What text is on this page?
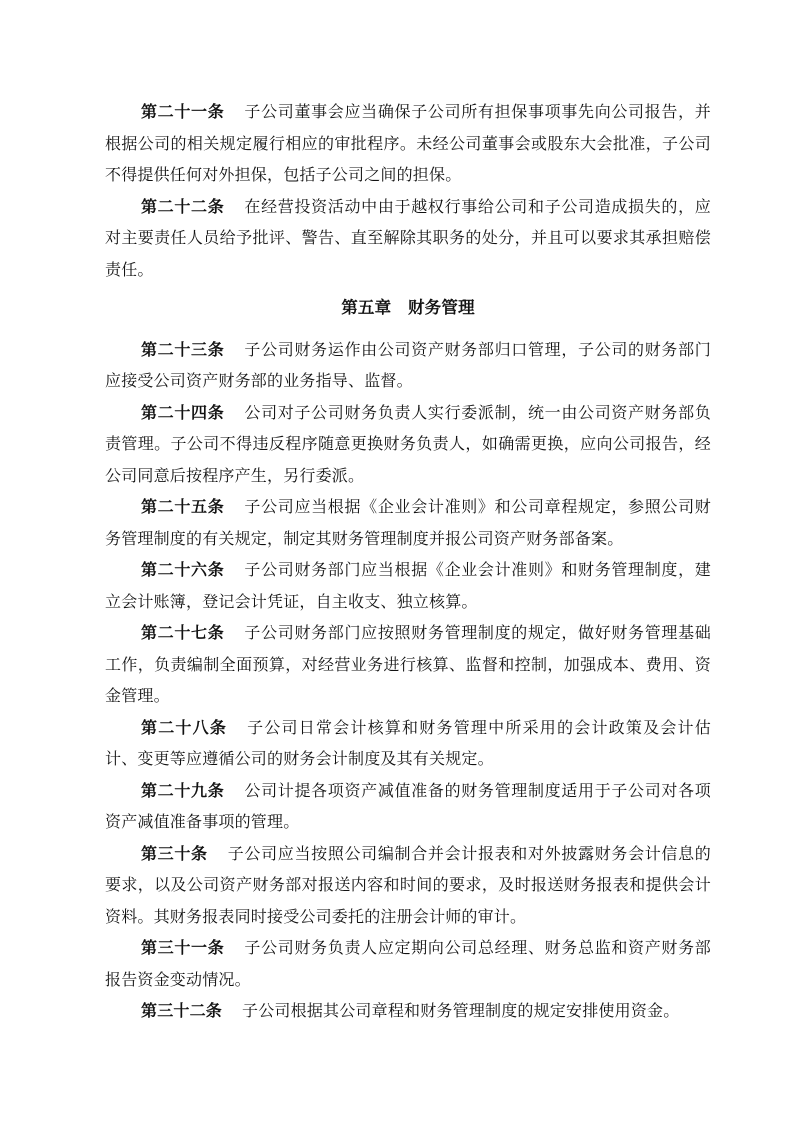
第二十一条 子公司董事会应当确保子公司所有担保事项事先向公司报告，并根据公司的相关规定履行相应的审批程序。未经公司董事会或股东大会批准，子公司不得提供任何对外担保，包括子公司之间的担保。

第二十二条 在经营投资活动中由于越权行事给公司和子公司造成损失的，应对主要责任人员给予批评、警告、直至解除其职务的处分，并且可以要求其承担赔偿责任。

第五章　财务管理

第二十三条 子公司财务运作由公司资产财务部归口管理，子公司的财务部门应接受公司资产财务部的业务指导、监督。

第二十四条 公司对子公司财务负责人实行委派制，统一由公司资产财务部负责管理。子公司不得违反程序随意更换财务负责人，如确需更换，应向公司报告，经公司同意后按程序产生，另行委派。

第二十五条 子公司应当根据《企业会计准则》和公司章程规定，参照公司财务管理制度的有关规定，制定其财务管理制度并报公司资产财务部备案。

第二十六条 子公司财务部门应当根据《企业会计准则》和财务管理制度，建立会计账簿，登记会计凭证，自主收支、独立核算。

第二十七条 子公司财务部门应按照财务管理制度的规定，做好财务管理基础工作，负责编制全面预算，对经营业务进行核算、监督和控制，加强成本、费用、资金管理。

第二十八条 子公司日常会计核算和财务管理中所采用的会计政策及会计估计、变更等应遵循公司的财务会计制度及其有关规定。

第二十九条 公司计提各项资产减值准备的财务管理制度适用于子公司对各项资产减值准备事项的管理。

第三十条 子公司应当按照公司编制合并会计报表和对外披露财务会计信息的要求，以及公司资产财务部对报送内容和时间的要求，及时报送财务报表和提供会计资料。其财务报表同时接受公司委托的注册会计师的审计。

第三十一条 子公司财务负责人应定期向公司总经理、财务总监和资产财务部报告资金变动情况。

第三十二条 子公司根据其公司章程和财务管理制度的规定安排使用资金。
